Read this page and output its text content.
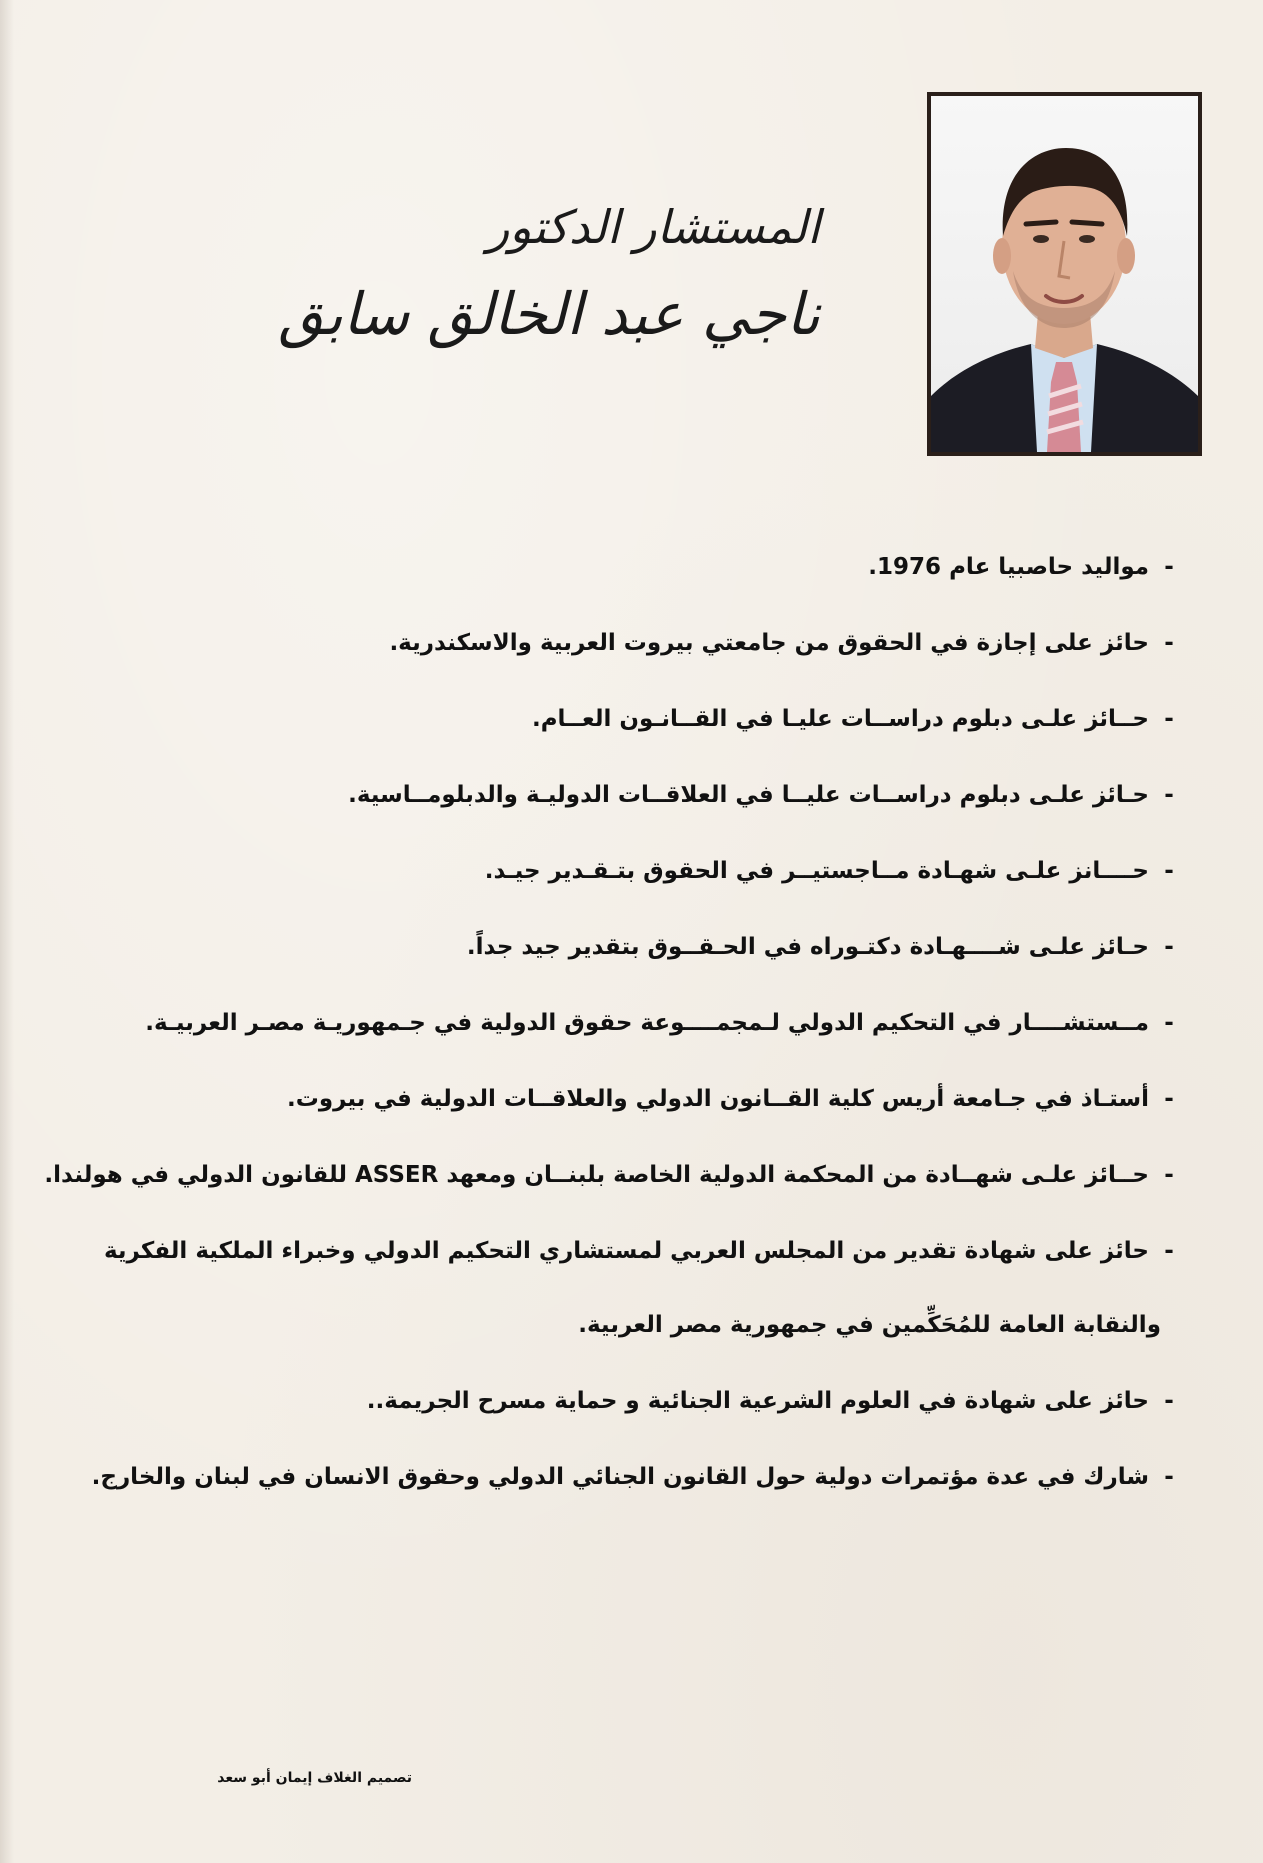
المستشار الدكتور
ناجي عبد الخالق سابق
-مواليد حاصبيا عام 1976.
-حائز على إجازة في الحقوق من جامعتي بيروت العربية والاسكندرية.
-حــائز علـى دبلوم دراســات عليـا في القــانـون العــام.
-حـائز علـى دبلوم دراســات عليــا في العلاقــات الدوليـة والدبلومــاسية.
-حــــانز علـى شهـادة مــاجستيــر في الحقوق بتـقـدير جيـد.
-حـائز علـى شــــهـادة دكتـوراه في الحـقــوق بتقدير جيد جداً.
-مــستشــــار في التحكيم الدولي لـمجمــــوعة حقوق الدولية في جـمهوريـة مصـر العربيـة.
-أستـاذ في جـامعة أريس كلية القــانون الدولي والعلاقــات الدولية في بيروت.
-حــائز علـى شهــادة من المحكمة الدولية الخاصة بلبنــان ومعهد ASSER للقانون الدولي في هولندا.
-حائز على شهادة تقدير من المجلس العربي لمستشاري التحكيم الدولي وخبراء الملكية الفكرية
والنقابة العامة للمُحَكِّمين في جمهورية مصر العربية.
-حائز على شهادة في العلوم الشرعية الجنائية و حماية مسرح الجريمة..
-شارك في عدة مؤتمرات دولية حول القانون الجنائي الدولي وحقوق الانسان في لبنان والخارج.
تصميم الغلاف إيمان أبو سعد
